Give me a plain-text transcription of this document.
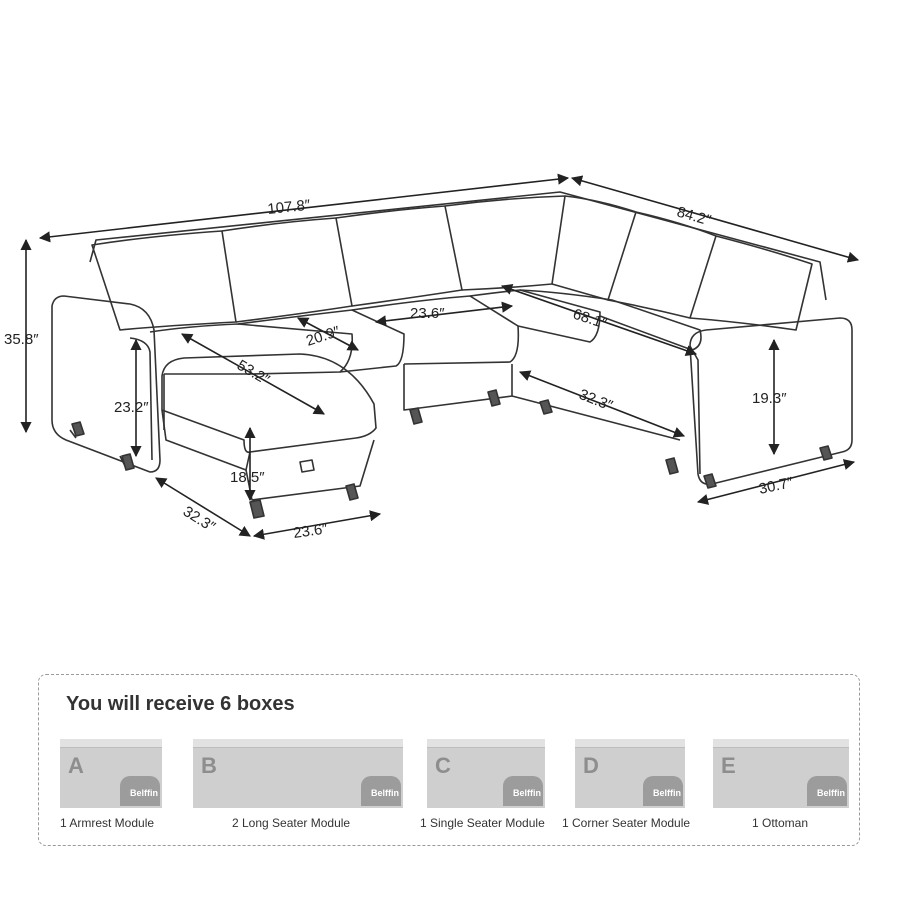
107.8″	84.2″
35.8″	20.9″
23.6″	68.1″
53.2″
23.2″
19.3″
32.3″
18.5″
32.3″	23.6″
30.7″
You will receive 6 boxes
A
Belffin
B
Belffin
C
Belffin
D
Belffin
E
Belffin
1 Armrest Module	2 Long Seater Module	1 Single Seater Module 1 Corner Seater Module	1 Ottoman
